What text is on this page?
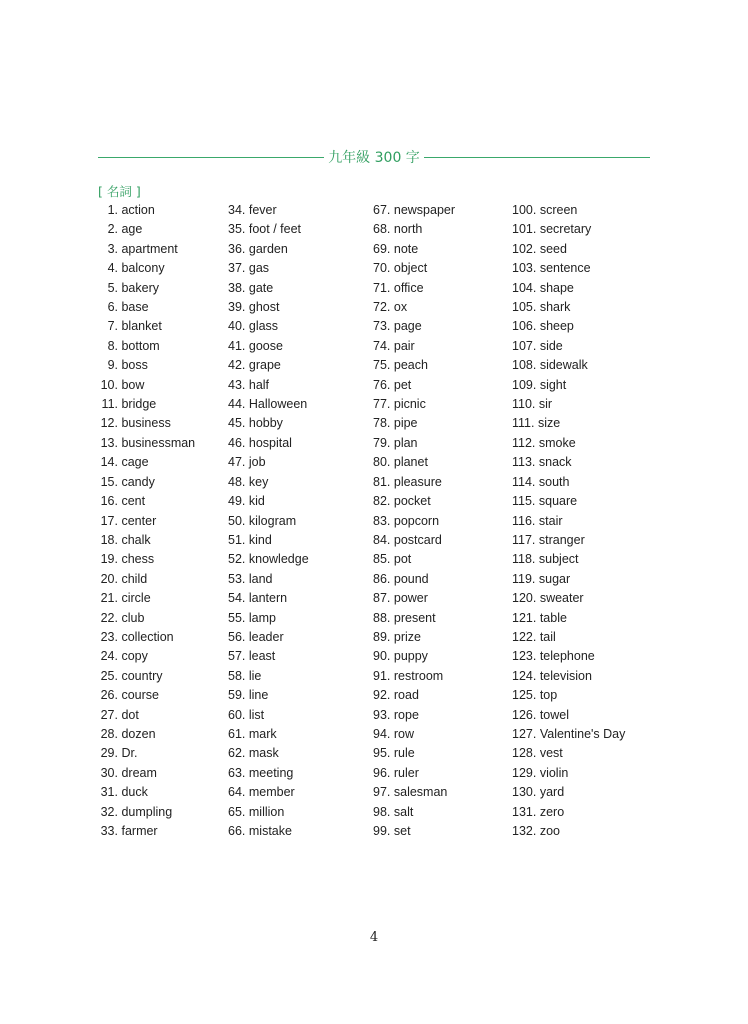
九年級 300 字
[ 名詞 ]
1. action
2. age
3. apartment
4. balcony
5. bakery
6. base
7. blanket
8. bottom
9. boss
10. bow
11. bridge
12. business
13. businessman
14. cage
15. candy
16. cent
17. center
18. chalk
19. chess
20. child
21. circle
22. club
23. collection
24. copy
25. country
26. course
27. dot
28. dozen
29. Dr.
30. dream
31. duck
32. dumpling
33. farmer
34. fever
35. foot / feet
36. garden
37. gas
38. gate
39. ghost
40. glass
41. goose
42. grape
43. half
44. Halloween
45. hobby
46. hospital
47. job
48. key
49. kid
50. kilogram
51. kind
52. knowledge
53. land
54. lantern
55. lamp
56. leader
57. least
58. lie
59. line
60. list
61. mark
62. mask
63. meeting
64. member
65. million
66. mistake
67. newspaper
68. north
69. note
70. object
71. office
72. ox
73. page
74. pair
75. peach
76. pet
77. picnic
78. pipe
79. plan
80. planet
81. pleasure
82. pocket
83. popcorn
84. postcard
85. pot
86. pound
87. power
88. present
89. prize
90. puppy
91. restroom
92. road
93. rope
94. row
95. rule
96. ruler
97. salesman
98. salt
99. set
100. screen
101. secretary
102. seed
103. sentence
104. shape
105. shark
106. sheep
107. side
108. sidewalk
109. sight
110. sir
111. size
112. smoke
113. snack
114. south
115. square
116. stair
117. stranger
118. subject
119. sugar
120. sweater
121. table
122. tail
123. telephone
124. television
125. top
126. towel
127. Valentine's Day
128. vest
129. violin
130. yard
131. zero
132. zoo
4
